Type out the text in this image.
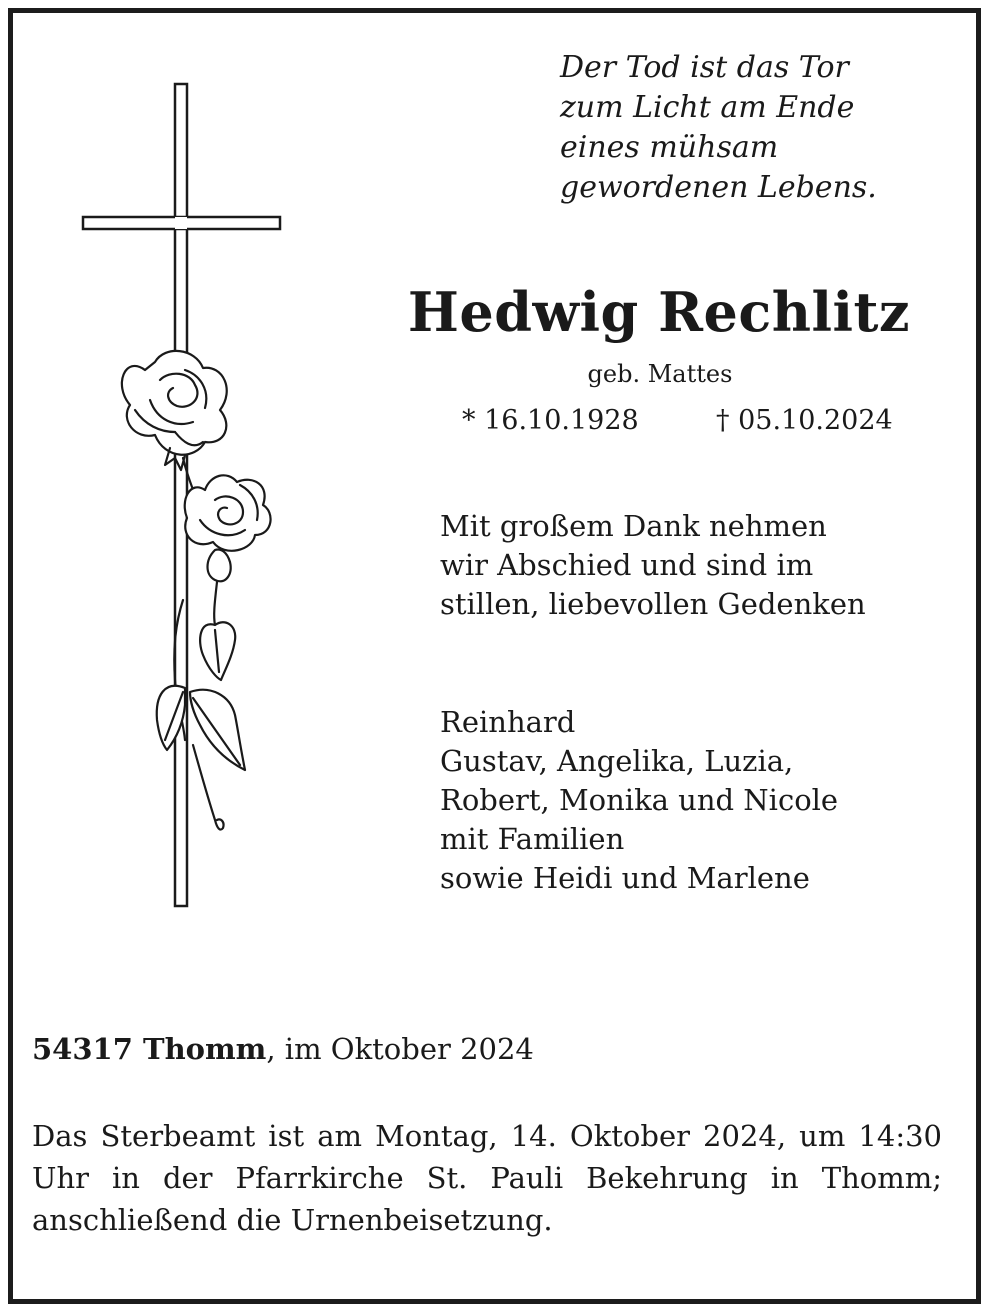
Der Tod ist das Tor
zum Licht am Ende
eines mühsam
gewordenen Lebens.
Hedwig Rechlitz
geb. Mattes
* 16.10.1928	† 05.10.2024
Mit großem Dank nehmen
wir Abschied und sind im
stillen, liebevollen Gedenken
Reinhard
Gustav, Angelika, Luzia,
Robert, Monika und Nicole
mit Familien
sowie Heidi und Marlene
54317 Thomm, im Oktober 2024
Das Sterbeamt ist am Montag, 14. Oktober 2024, um 14:30 Uhr in der Pfarrkirche St. Pauli Bekehrung in Thomm; anschließend die Urnenbeisetzung.
